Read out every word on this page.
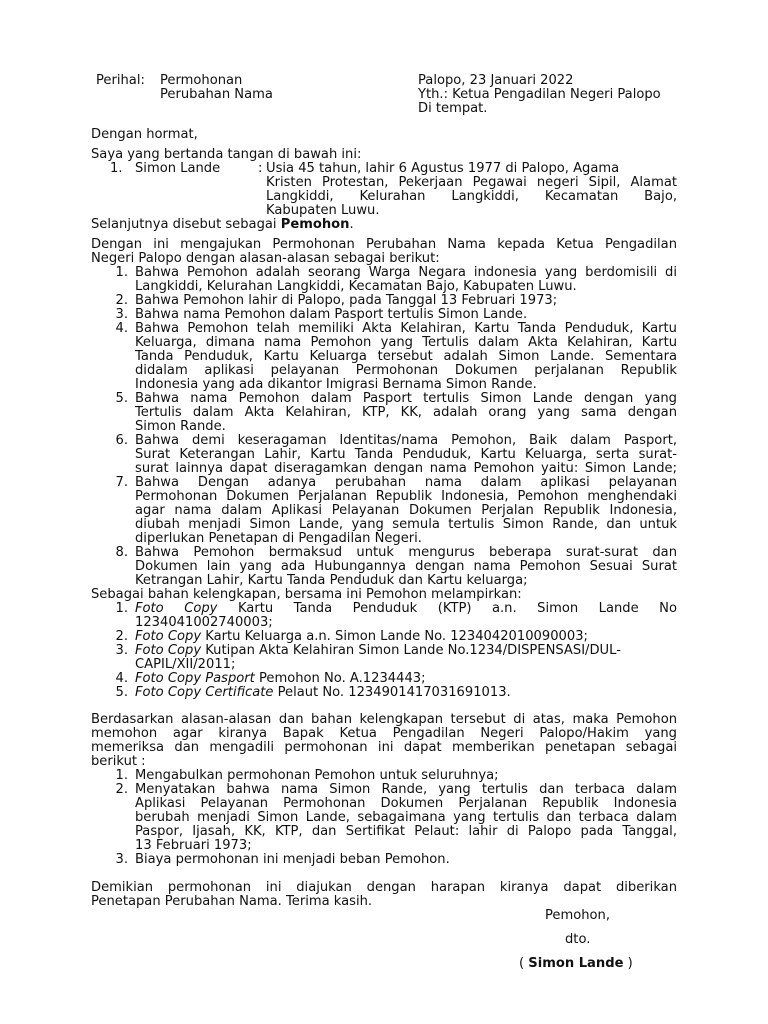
Perihal: Permohonan
Perubahan Nama
Palopo, 23 Januari 2022
Yth.: Ketua Pengadilan Negeri Palopo
Di tempat.
Dengan hormat,
Saya yang bertanda tangan di bawah ini:
1. Simon Lande	: Usia 45 tahun, lahir 6 Agustus 1977 di Palopo, Agama
Kristen Protestan, Pekerjaan Pegawai negeri Sipil, Alamat
Langkiddi, Kelurahan Langkiddi, Kecamatan Bajo,
Kabupaten Luwu.
Selanjutnya disebut sebagai Pemohon.
Dengan ini mengajukan Permohonan Perubahan Nama kepada Ketua Pengadilan
Negeri Palopo dengan alasan-alasan sebagai berikut:
1. Bahwa Pemohon adalah seorang Warga Negara indonesia yang berdomisili di
Langkiddi, Kelurahan Langkiddi, Kecamatan Bajo, Kabupaten Luwu.
2. Bahwa Pemohon lahir di Palopo, pada Tanggal 13 Februari 1973;
3. Bahwa nama Pemohon dalam Pasport tertulis Simon Lande.
4. Bahwa Pemohon telah memiliki Akta Kelahiran, Kartu Tanda Penduduk, Kartu
Keluarga, dimana nama Pemohon yang Tertulis dalam Akta Kelahiran, Kartu
Tanda Penduduk, Kartu Keluarga tersebut adalah Simon Lande. Sementara
didalam aplikasi pelayanan Permohonan Dokumen perjalanan Republik
Indonesia yang ada dikantor Imigrasi Bernama Simon Rande.
5. Bahwa nama Pemohon dalam Pasport tertulis Simon Lande dengan yang
Tertulis dalam Akta Kelahiran, KTP, KK, adalah orang yang sama dengan
Simon Rande.
6. Bahwa demi keseragaman Identitas/nama Pemohon, Baik dalam Pasport,
Surat Keterangan Lahir, Kartu Tanda Penduduk, Kartu Keluarga, serta surat-
surat lainnya dapat diseragamkan dengan nama Pemohon yaitu: Simon Lande;
7. Bahwa Dengan adanya perubahan nama dalam aplikasi pelayanan
Permohonan Dokumen Perjalanan Republik Indonesia, Pemohon menghendaki
agar nama dalam Aplikasi Pelayanan Dokumen Perjalan Republik Indonesia,
diubah menjadi Simon Lande, yang semula tertulis Simon Rande, dan untuk
diperlukan Penetapan di Pengadilan Negeri.
8. Bahwa Pemohon bermaksud untuk mengurus beberapa surat-surat dan
Dokumen lain yang ada Hubungannya dengan nama Pemohon Sesuai Surat
Ketrangan Lahir, Kartu Tanda Penduduk dan Kartu keluarga;
Sebagai bahan kelengkapan, bersama ini Pemohon melampirkan:
1. Foto Copy Kartu Tanda Penduduk (KTP) a.n. Simon Lande No
1234041002740003;
2. Foto Copy Kartu Keluarga a.n. Simon Lande No. 1234042010090003;
3. Foto Copy Kutipan Akta Kelahiran Simon Lande No.1234/DISPENSASI/DUL-
CAPIL/XII/2011;
4. Foto Copy Pasport Pemohon No. A.1234443;
5. Foto Copy Certificate Pelaut No. 1234901417031691013.
Berdasarkan alasan-alasan dan bahan kelengkapan tersebut di atas, maka Pemohon
memohon agar kiranya Bapak Ketua Pengadilan Negeri Palopo/Hakim yang
memeriksa dan mengadili permohonan ini dapat memberikan penetapan sebagai
berikut :
1. Mengabulkan permohonan Pemohon untuk seluruhnya;
2. Menyatakan bahwa nama Simon Rande, yang tertulis dan terbaca dalam
Aplikasi Pelayanan Permohonan Dokumen Perjalanan Republik Indonesia
berubah menjadi Simon Lande, sebagaimana yang tertulis dan terbaca dalam
Paspor, Ijasah, KK, KTP, dan Sertifikat Pelaut: lahir di Palopo pada Tanggal,
13 Februari 1973;
3. Biaya permohonan ini menjadi beban Pemohon.
Demikian permohonan ini diajukan dengan harapan kiranya dapat diberikan
Penetapan Perubahan Nama. Terima kasih.
Pemohon,
dto.
( Simon Lande )
